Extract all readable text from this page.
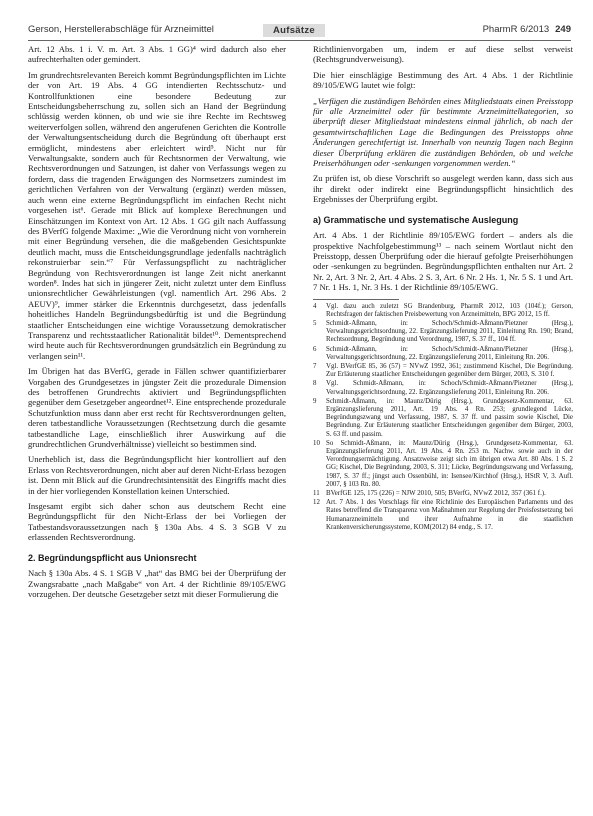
Gerson, Herstellerabschläge für Arzneimittel	Aufsätze	PharmR 6/2013 249

Art. 12 Abs. 1 i. V. m. Art. 3 Abs. 1 GG)⁴ wird dadurch also eher aufrechterhalten oder gemindert.

Im grundrechtsrelevanten Bereich kommt Begründungspflichten im Lichte der von Art. 19 Abs. 4 GG intendierten Rechtsschutz- und Kontrollfunktionen eine besondere Bedeutung zur Entscheidungsbeherrschung zu, sollen sich an Hand der Begründung schlüssig werden können, ob und wie sie ihre Rechte im Rechtsweg weiterverfolgen sollen, während den angerufenen Gerichten die Kontrolle der Verwaltungsentscheidung durch die Begründung oft überhaupt erst ermöglicht, mindestens aber erleichtert wird⁵. Nicht nur für Verwaltungsakte, sondern auch für Rechtsnormen der Verwaltung, wie Rechtsverordnungen und Satzungen, ist daher von Verfassungs wegen zu fordern, dass die tragenden Erwägungen des Normsetzers zumindest im gerichtlichen Verfahren von der Verwaltung (ergänzt) werden müssen, auch wenn eine externe Begründungspflicht im einfachen Recht nicht vorgesehen ist⁶. Gerade mit Blick auf komplexe Berechnungen und Einschätzungen im Kontext von Art. 12 Abs. 1 GG gilt nach Auffassung des BVerfG folgende Maxime: „Wie die Verordnung nicht von vornherein mit einer Begründung versehen, die die maßgebenden Gesichtspunkte deutlich macht, muss die Entscheidungsgrundlage jedenfalls nachträglich rekonstruierbar sein.“⁷ Für Verfassungspflicht zu nachträglicher Begründung von Rechtsverordnungen ist lange Zeit nicht anerkannt worden⁸. Indes hat sich in jüngerer Zeit, nicht zuletzt unter dem Einfluss unionsrechtlicher Gewährleistungen (vgl. namentlich Art. 296 Abs. 2 AEUV)⁹, immer stärker die Erkenntnis durchgesetzt, dass jedenfalls hoheitliches Handeln Begründungsbedürftig ist und die Begründung staatlicher Entscheidungen eine wichtige Voraussetzung demokratischer Transparenz und rechtsstaatlicher Rationalität bildet¹⁰. Dementsprechend wird heute auch für Rechtsverordnungen grundsätzlich ein Begründung zu verlangen sein¹¹.

Im Übrigen hat das BVerfG, gerade in Fällen schwer quantifizierbarer Vorgaben des Grundgesetzes in jüngster Zeit die prozedurale Dimension des betroffenen Grundrechts aktiviert und Begründungspflichten gegenüber dem Gesetzgeber angeordnet¹². Eine entsprechende prozedurale Schutzfunktion muss dann aber erst recht für Rechtsverordnungen gelten, deren tatbestandliche Voraussetzungen (Rechtsetzung durch die gesamte tatbestandliche Lage, einschließlich ihrer Auswirkung auf die grundrechtlichen Grundverhältnisse) vielleicht so bestimmen sind.

Unerheblich ist, dass die Begründungspflicht hier kontrolliert auf den Erlass von Rechtsverordnungen, nicht aber auf deren Nicht-Erlass bezogen ist. Denn mit Blick auf die Grundrechtsintensität des Eingriffs macht dies in der hier vorliegenden Konstellation keinen Unterschied.

Insgesamt ergibt sich daher schon aus deutschem Recht eine Begründungspflicht für den Nicht-Erlass der bei Vorliegen der Tatbestandsvoraussetzungen nach § 130a Abs. 4 S. 3 SGB V zu erlassenden Rechtsverordnung.

2. Begründungspflicht aus Unionsrecht

Nach § 130a Abs. 4 S. 1 SGB V „hat“ das BMG bei der Überprüfung der Zwangsrabatte „nach Maßgabe“ von Art. 4 der Richtlinie 89/105/EWG vorzugehen. Der deutsche Gesetzgeber setzt mit dieser Formulierung die

Richtlinienvorgaben um, indem er auf diese selbst verweist (Rechtsgrundverweisung).

Die hier einschlägige Bestimmung des Art. 4 Abs. 1 der Richtlinie 89/105/EWG lautet wie folgt:

„Verfügen die zuständigen Behörden eines Mitgliedstaats einen Preisstopp für alle Arzneimittel oder für bestimmte Arzneimittelkategorien, so überprüft dieser Mitgliedstaat mindestens einmal jährlich, ob nach der gesamtwirtschaftlichen Lage die Bedingungen des Preisstopps ohne Änderungen gerechtfertigt ist. Innerhalb von neunzig Tagen nach Beginn dieser Überprüfung erklären die zuständigen Behörden, ob und welche Preiserhöhungen oder -senkungen vorgenommen werden.“

Zu prüfen ist, ob diese Vorschrift so ausgelegt werden kann, dass sich aus ihr direkt oder indirekt eine Begründungspflicht hinsichtlich des Ergebnisses der Überprüfung ergibt.

a) Grammatische und systematische Auslegung

Art. 4 Abs. 1 der Richtlinie 89/105/EWG fordert – anders als die prospektive Nachfolgebestimmung¹³ – nach seinem Wortlaut nicht den Preisstopp, dessen Überprüfung oder die hierauf gefolgte Preiserhöhungen oder -senkungen zu begründen. Begründungspflichten enthalten nur Art. 2 Nr. 2, Art. 3 Nr. 2, Art. 4 Abs. 2 S. 3, Art. 6 Nr. 2 Hs. 1, Nr. 5 S. 1 und Art. 7 Nr. 1 Hs. 1, Nr. 3 Hs. 1 der Richtlinie 89/105/EWG.

4	Vgl. dazu auch zuletzt SG Brandenburg, PharmR 2012, 103 (104f.); Gerson, Rechtsfragen der faktischen Preisbewertung von Arzneimitteln, BPG 2012, 15 ff.
5	Schmidt-Aßmann, in: Schoch/Schmidt-Aßmann/Pietzner (Hrsg.), Verwaltungsgerichtsordnung, 22. Ergänzungslieferung 2011, Einleitung Rn. 190; Brand, Rechtsordnung, Begründung und Verordnung, 1987, S. 37 ff., 104 ff.
6	Schmidt-Aßmann, in: Schoch/Schmidt-Aßmann/Pietzner (Hrsg.), Verwaltungsgerichtsordnung, 22. Ergänzungslieferung 2011, Einleitung Rn. 206.
7	Vgl. BVerfGE 85, 36 (57) = NVwZ 1992, 361; zustimmend Kischel, Die Begründung. Zur Erläuterung staatlicher Entscheidungen gegenüber dem Bürger, 2003, S. 310 f.
8	Vgl. Schmidt-Aßmann, in: Schoch/Schmidt-Aßmann/Pietzner (Hrsg.), Verwaltungsgerichtsordnung, 22. Ergänzungslieferung 2011, Einleitung Rn. 206.
9	Schmidt-Aßmann, in: Maunz/Dürig (Hrsg.), Grundgesetz-Kommentar, 63. Ergänzungslieferung 2011, Art. 19 Abs. 4 Rn. 253; grundlegend Lücke, Begründungszwang und Verfassung, 1987, S. 37 ff. und passim sowie Kischel, Die Begründung. Zur Erläuterung staatlicher Entscheidungen gegenüber dem Bürger, 2003, S. 63 ff. und passim.
10 So Schmidt-Aßmann, in: Maunz/Dürig (Hrsg.), Grundgesetz-Kommentar, 63. Ergänzungslieferung 2011, Art. 19 Abs. 4 Rn. 253 m. Nachw. sowie auch in der Verordnungsermächtigung. Ansatzweise zeigt sich im übrigen etwa Art. 80 Abs. 1 S. 2 GG; Kischel, Die Begründung, 2003, S. 311; Lücke, Begründungszwang und Verfassung, 1987, S. 37 ff.; jüngst auch Ossenbühl, in: Isensee/Kirchhof (Hrsg.), HStR V, 3. Aufl. 2007, § 103 Rn. 80.
11 BVerfGE 125, 175 (226) = NJW 2010, 505; BVerfG, NVwZ 2012, 357 (361 f.).
12 Art. 7 Abs. 1 des Vorschlags für eine Richtlinie des Europäischen Parlaments und des Rates betreffend die Transparenz von Maßnahmen zur Regelung der Preisfestsetzung bei Humanarzneimitteln und ihrer Aufnahme in die staatlichen Krankenversicherungssysteme, KOM(2012) 84 endg., S. 17.
